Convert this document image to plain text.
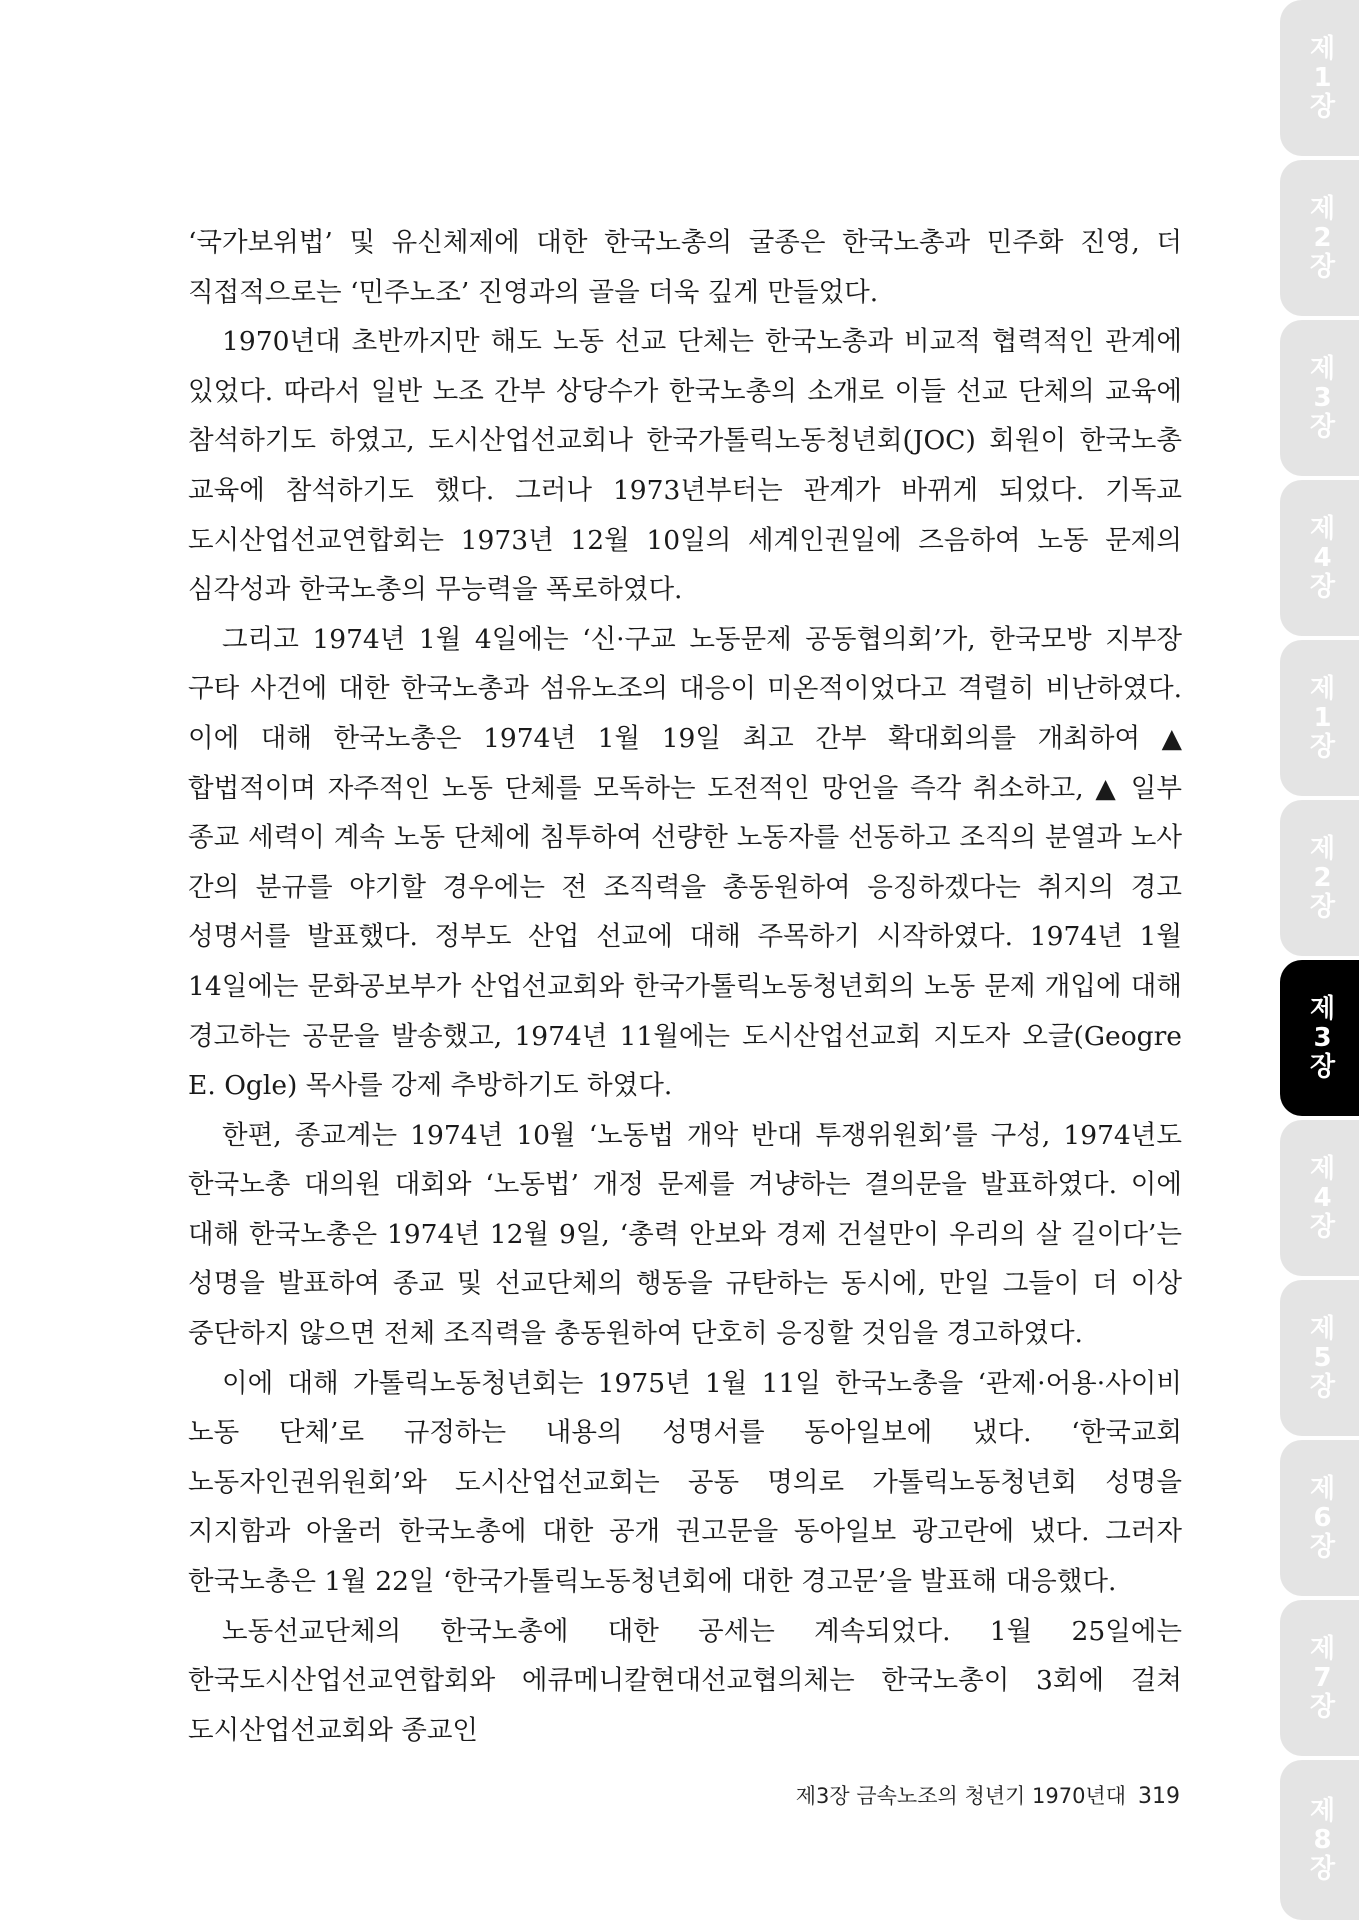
‘국가보위법’ 및 유신체제에 대한 한국노총의 굴종은 한국노총과 민주화 진영, 더 직접적으로는 ‘민주노조’ 진영과의 골을 더욱 깊게 만들었다.

1970년대 초반까지만 해도 노동 선교 단체는 한국노총과 비교적 협력적인 관계에 있었다. 따라서 일반 노조 간부 상당수가 한국노총의 소개로 이들 선교 단체의 교육에 참석하기도 하였고, 도시산업선교회나 한국가톨릭노동청년회(JOC) 회원이 한국노총 교육에 참석하기도 했다. 그러나 1973년부터는 관계가 바뀌게 되었다. 기독교 도시산업선교연합회는 1973년 12월 10일의 세계인권일에 즈음하여 노동 문제의 심각성과 한국노총의 무능력을 폭로하였다.

그리고 1974년 1월 4일에는 ‘신·구교 노동문제 공동협의회’가, 한국모방 지부장 구타 사건에 대한 한국노총과 섬유노조의 대응이 미온적이었다고 격렬히 비난하였다. 이에 대해 한국노총은 1974년 1월 19일 최고 간부 확대회의를 개최하여 ▲ 합법적이며 자주적인 노동 단체를 모독하는 도전적인 망언을 즉각 취소하고, ▲ 일부 종교 세력이 계속 노동 단체에 침투하여 선량한 노동자를 선동하고 조직의 분열과 노사 간의 분규를 야기할 경우에는 전 조직력을 총동원하여 응징하겠다는 취지의 경고 성명서를 발표했다. 정부도 산업 선교에 대해 주목하기 시작하였다. 1974년 1월 14일에는 문화공보부가 산업선교회와 한국가톨릭노동청년회의 노동 문제 개입에 대해 경고하는 공문을 발송했고, 1974년 11월에는 도시산업선교회 지도자 오글(Geogre E. Ogle) 목사를 강제 추방하기도 하였다.

한편, 종교계는 1974년 10월 ‘노동법 개악 반대 투쟁위원회’를 구성, 1974년도 한국노총 대의원 대회와 ‘노동법’ 개정 문제를 겨냥하는 결의문을 발표하였다. 이에 대해 한국노총은 1974년 12월 9일, ‘총력 안보와 경제 건설만이 우리의 살 길이다’는 성명을 발표하여 종교 및 선교단체의 행동을 규탄하는 동시에, 만일 그들이 더 이상 중단하지 않으면 전체 조직력을 총동원하여 단호히 응징할 것임을 경고하였다.

이에 대해 가톨릭노동청년회는 1975년 1월 11일 한국노총을 ‘관제·어용·사이비 노동 단체’로 규정하는 내용의 성명서를 동아일보에 냈다. ‘한국교회 노동자인권위원회’와 도시산업선교회는 공동 명의로 가톨릭노동청년회 성명을 지지함과 아울러 한국노총에 대한 공개 권고문을 동아일보 광고란에 냈다. 그러자 한국노총은 1월 22일 ‘한국가톨릭노동청년회에 대한 경고문’을 발표해 대응했다.

노동선교단체의 한국노총에 대한 공세는 계속되었다. 1월 25일에는 한국도시산업선교연합회와 에큐메니칼현대선교협의체는 한국노총이 3회에 걸쳐 도시산업선교회와 종교인

제3장 금속노조의 청년기 1970년대 319
제
1
장
제
2
장
제
3
장
제
4
장
제
1
장
제
2
장
제
3
장
제
4
장
제
5
장
제
6
장
제
7
장
제
8
장
